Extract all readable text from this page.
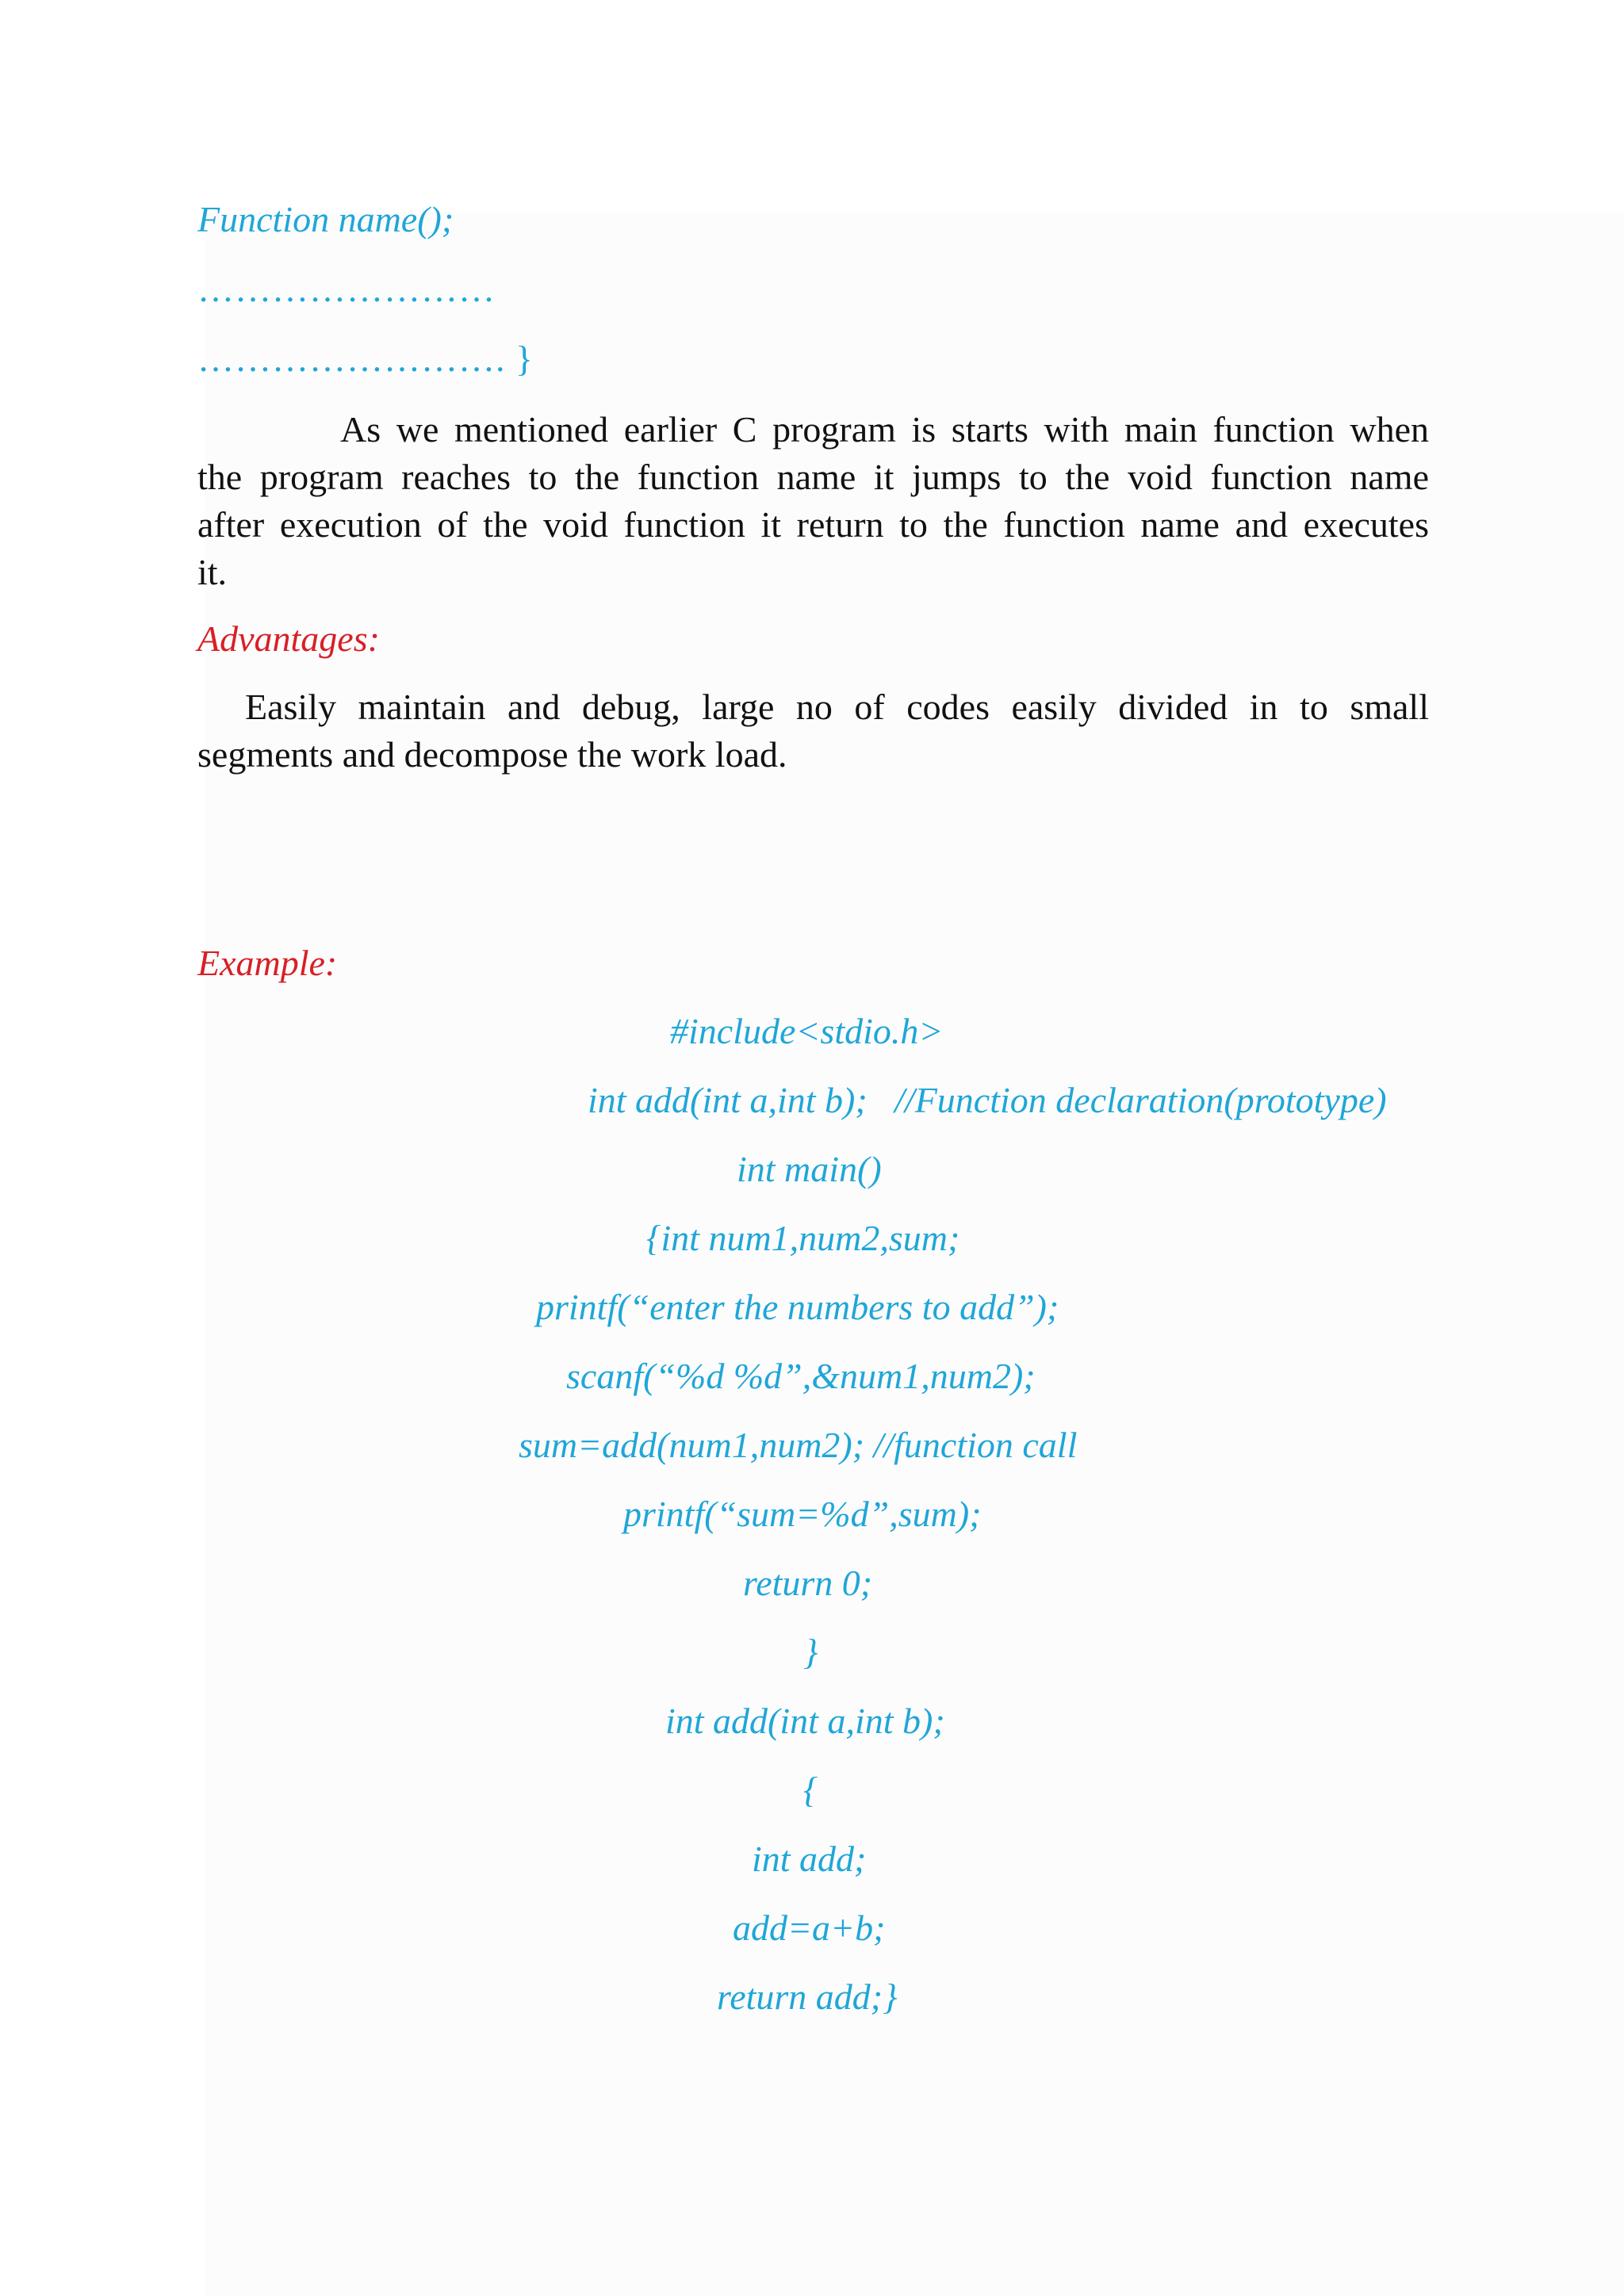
Function name();
……………………
……………………. }
As we mentioned earlier C program is starts with main function when
the program reaches to the function name it jumps to the void function name
after execution of the void function it return to the function name and executes
it.
Advantages:
Easily maintain and debug, large no of codes easily divided in to small
segments and decompose the work load.
Example:
#include<stdio.h>
int add(int a,int b);   //Function declaration(prototype)
int main()
{int num1,num2,sum;
printf(“enter the numbers to add”);
scanf(“%d %d”,&num1,num2);
sum=add(num1,num2); //function call
printf(“sum=%d”,sum);
return 0;
}
int add(int a,int b);
{
int add;
add=a+b;
return add;}
